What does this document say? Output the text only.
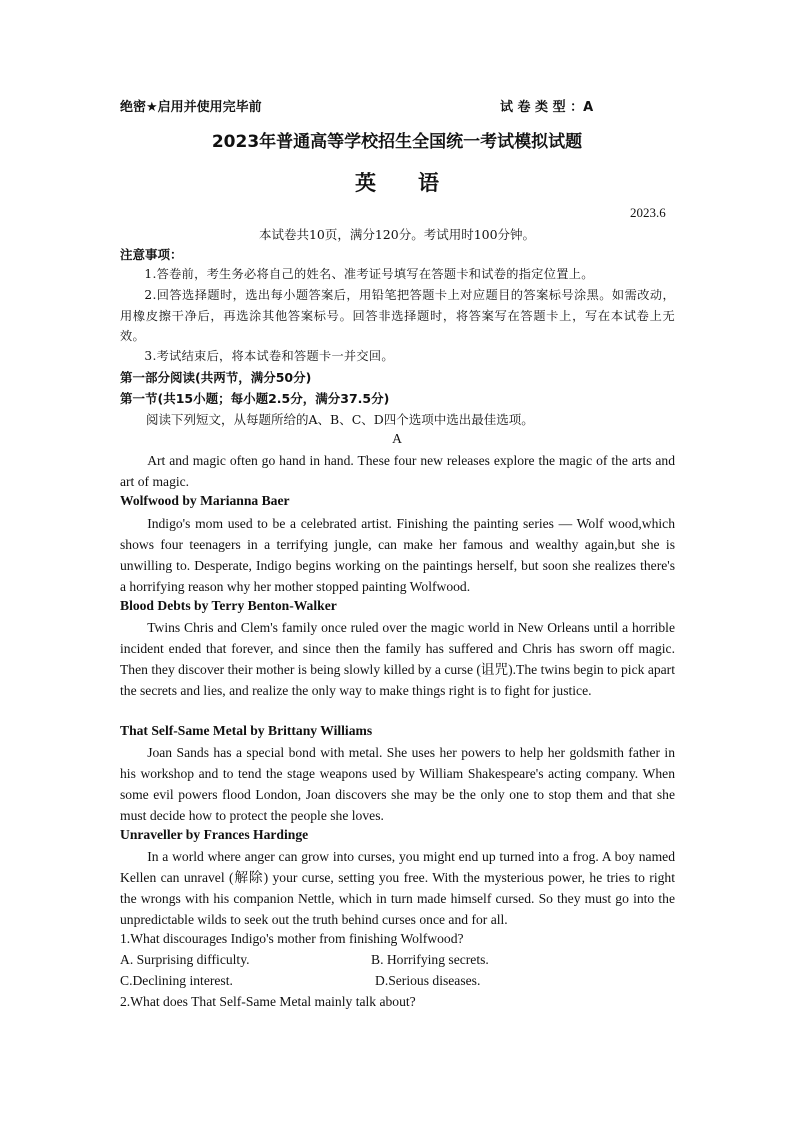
绝密★启用并使用完毕前	试 卷 类 型 ：A
2023年普通高等学校招生全国统一考试模拟试题
英　　语
2023.6
本试卷共10页，满分120分。考试用时100分钟。
注意事项：

1.答卷前，考生务必将自己的姓名、准考证号填写在答题卡和试卷的指定位置上。

2.回答选择题时，选出每小题答案后，用铅笔把答题卡上对应题目的答案标号涂黑。如需改动，用橡皮擦干净后，再选涂其他答案标号。回答非选择题时，将答案写在答题卡上，写在本试卷上无效。

3.考试结束后，将本试卷和答题卡一并交回。

第一部分阅读(共两节，满分50分)
第一节(共15小题；每小题2.5分，满分37.5分)
阅读下列短文，从每题所给的A、B、C、D四个选项中选出最佳选项。
A

Art and magic often go hand in hand. These four new releases explore the magic of the arts and art of magic.

Wolfwood by Marianna Baer

Indigo's mom used to be a celebrated artist. Finishing the painting series — Wolf wood,which shows four teenagers in a terrifying jungle, can make her famous and wealthy again,but she is unwilling to. Desperate, Indigo begins working on the paintings herself, but soon she realizes there's a horrifying reason why her mother stopped painting Wolfwood.

Blood Debts by Terry Benton-Walker

Twins Chris and Clem's family once ruled over the magic world in New Orleans until a horrible incident ended that forever, and since then the family has suffered and Chris has sworn off magic. Then they discover their mother is being slowly killed by a curse (诅咒).The twins begin to pick apart the secrets and lies, and realize the only way to make things right is to fight for justice.

That Self-Same Metal by Brittany Williams

Joan Sands has a special bond with metal. She uses her powers to help her goldsmith father in his workshop and to tend the stage weapons used by William Shakespeare's acting company. When some evil powers flood London, Joan discovers she may be the only one to stop them and that she must decide how to protect the people she loves.

Unraveller by Frances Hardinge

In a world where anger can grow into curses, you might end up turned into a frog. A boy named Kellen can unravel (解除) your curse, setting you free. With the mysterious power, he tries to right the wrongs with his companion Nettle, which in turn made himself cursed. So they must go into the unpredictable wilds to seek out the truth behind curses once and for all.

1.What discourages Indigo's mother from finishing Wolfwood?
A. Surprising difficulty.	B. Horrifying secrets.
C.Declining interest.	D.Serious diseases.
2.What does That Self-Same Metal mainly talk about?
